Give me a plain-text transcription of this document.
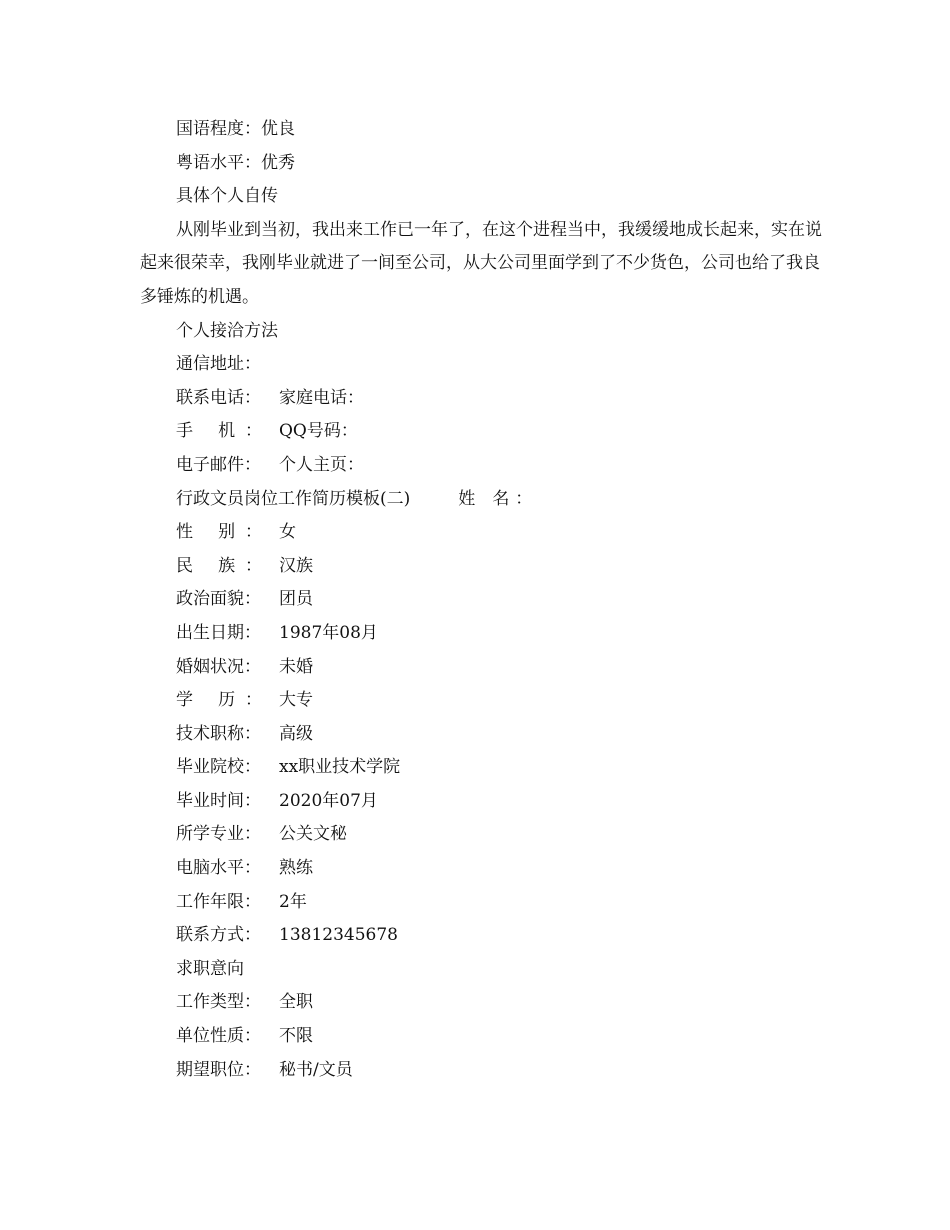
国语程度：优良
粤语水平：优秀
具体个人自传
从刚毕业到当初，我出来工作已一年了，在这个进程当中，我缓缓地成长起来，实在说起来很荣幸，我刚毕业就进了一间至公司，从大公司里面学到了不少货色，公司也给了我良多锤炼的机遇。
个人接洽方法
通信地址：
联系电话： 家庭电话：
手 机： QQ号码：
电子邮件： 个人主页：
行政文员岗位工作简历模板(二)	姓 名：
性 别： 女
民 族： 汉族
政治面貌： 团员
出生日期： 1987年08月
婚姻状况： 未婚
学 历： 大专
技术职称： 高级
毕业院校： xx职业技术学院
毕业时间： 2020年07月
所学专业： 公关文秘
电脑水平： 熟练
工作年限： 2年
联系方式： 13812345678
求职意向
工作类型： 全职
单位性质： 不限
期望职位： 秘书/文员
